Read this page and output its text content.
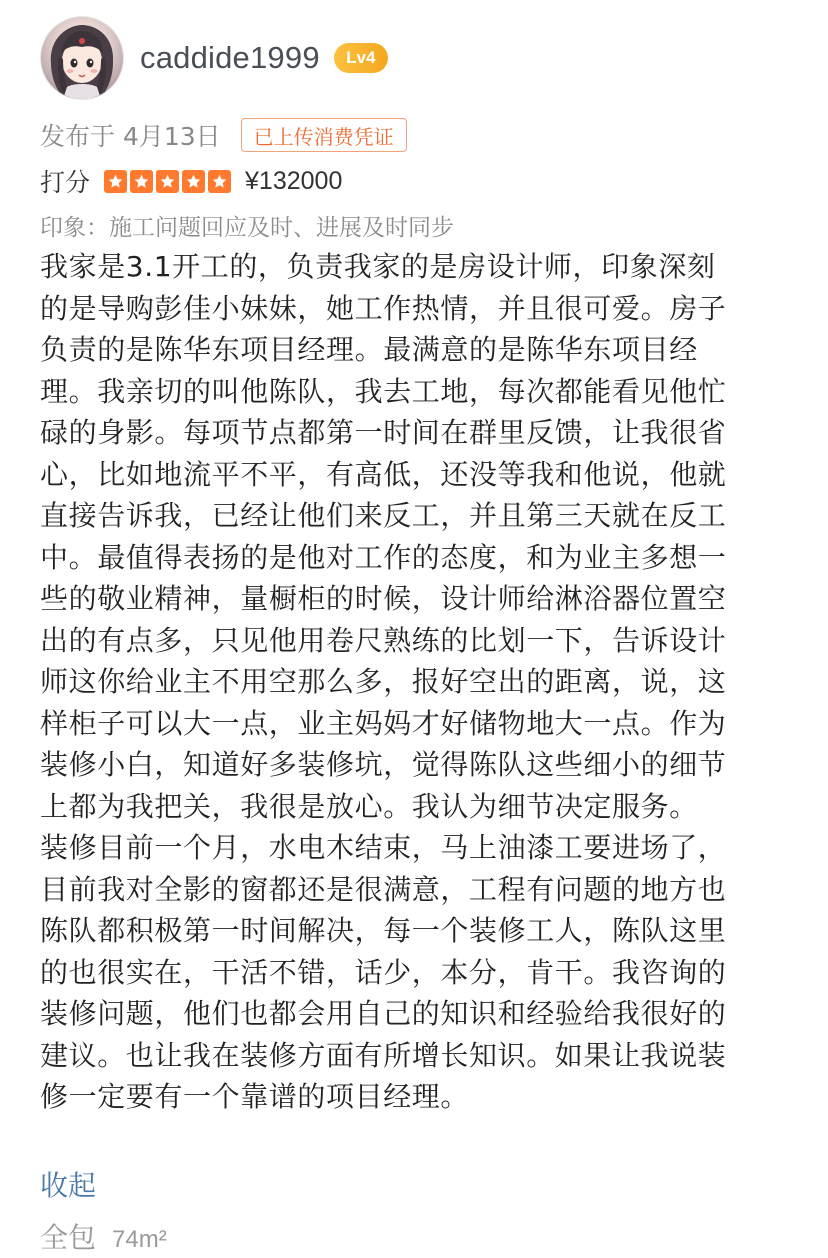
caddide1999	Lv4
发布于 4月13日	已上传消费凭证
打分	¥132000
印象：施工问题回应及时、进展及时同步
我家是3.1开工的，负责我家的是房设计师，印象深刻
的是导购彭佳小妹妹，她工作热情，并且很可爱。房子
负责的是陈华东项目经理。最满意的是陈华东项目经
理。我亲切的叫他陈队，我去工地，每次都能看见他忙
碌的身影。每项节点都第一时间在群里反馈，让我很省
心，比如地流平不平，有高低，还没等我和他说，他就
直接告诉我，已经让他们来反工，并且第三天就在反工
中。最值得表扬的是他对工作的态度，和为业主多想一
些的敬业精神，量橱柜的时候，设计师给淋浴器位置空
出的有点多，只见他用卷尺熟练的比划一下，告诉设计
师这你给业主不用空那么多，报好空出的距离，说，这
样柜子可以大一点，业主妈妈才好储物地大一点。作为
装修小白，知道好多装修坑，觉得陈队这些细小的细节
上都为我把关，我很是放心。我认为细节决定服务。
装修目前一个月，水电木结束，马上油漆工要进场了，
目前我对全影的窗都还是很满意，工程有问题的地方也
陈队都积极第一时间解决，每一个装修工人，陈队这里
的也很实在，干活不错，话少，本分，肯干。我咨询的
装修问题，他们也都会用自己的知识和经验给我很好的
建议。也让我在装修方面有所增长知识。如果让我说装
修一定要有一个靠谱的项目经理。
收起
全包 74m²
